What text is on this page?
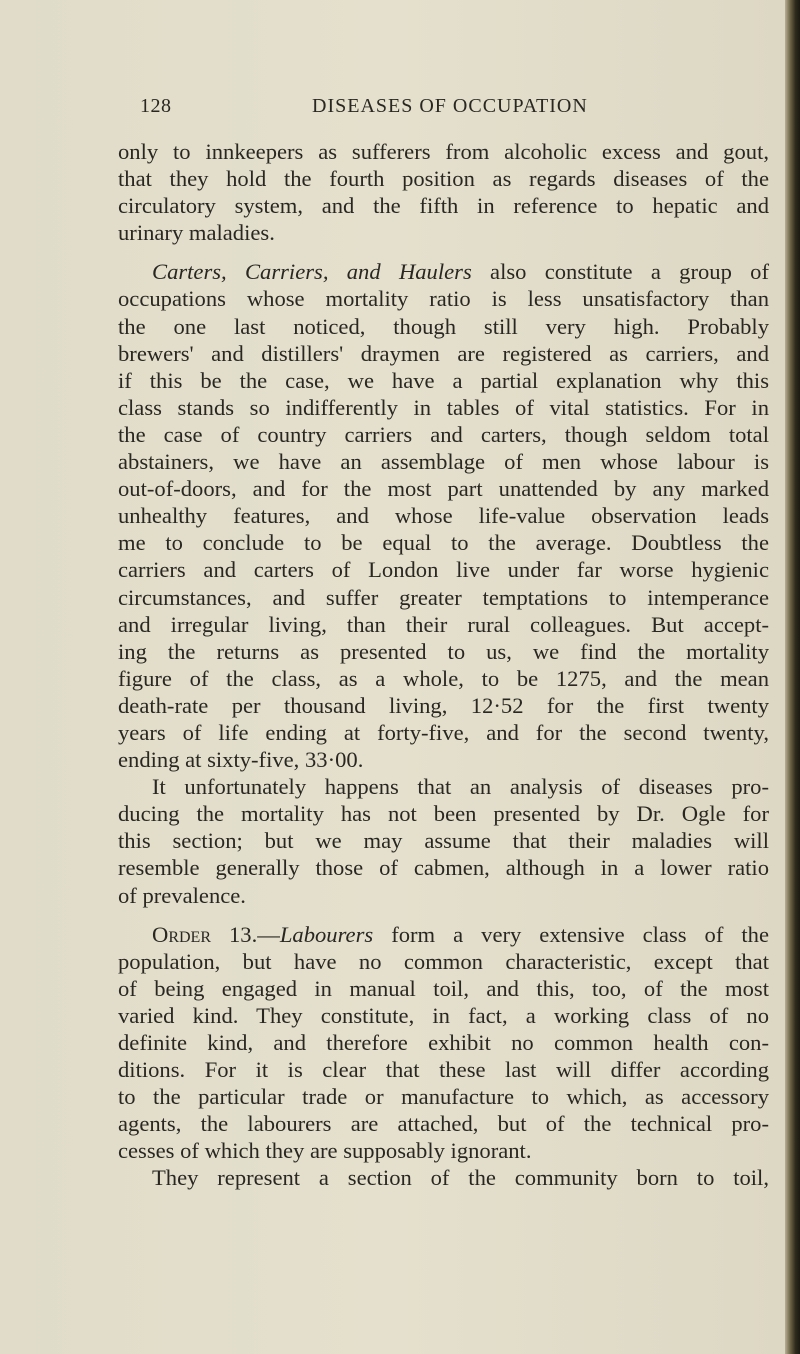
128	DISEASES OF OCCUPATION
only to innkeepers as sufferers from alcoholic excess and gout,
that they hold the fourth position as regards diseases of the
circulatory system, and the fifth in reference to hepatic and
urinary maladies.
Carters, Carriers, and Haulers also constitute a group of
occupations whose mortality ratio is less unsatisfactory than
the one last noticed, though still very high. Probably
brewers' and distillers' draymen are registered as carriers, and
if this be the case, we have a partial explanation why this
class stands so indifferently in tables of vital statistics. For in
the case of country carriers and carters, though seldom total
abstainers, we have an assemblage of men whose labour is
out-of-doors, and for the most part unattended by any marked
unhealthy features, and whose life-value observation leads
me to conclude to be equal to the average. Doubtless the
carriers and carters of London live under far worse hygienic
circumstances, and suffer greater temptations to intemperance
and irregular living, than their rural colleagues. But accept-
ing the returns as presented to us, we find the mortality
figure of the class, as a whole, to be 1275, and the mean
death-rate per thousand living, 12·52 for the first twenty
years of life ending at forty-five, and for the second twenty,
ending at sixty-five, 33·00.
It unfortunately happens that an analysis of diseases pro-
ducing the mortality has not been presented by Dr. Ogle for
this section; but we may assume that their maladies will
resemble generally those of cabmen, although in a lower ratio
of prevalence.
Order 13.—Labourers form a very extensive class of the
population, but have no common characteristic, except that
of being engaged in manual toil, and this, too, of the most
varied kind. They constitute, in fact, a working class of no
definite kind, and therefore exhibit no common health con-
ditions. For it is clear that these last will differ according
to the particular trade or manufacture to which, as accessory
agents, the labourers are attached, but of the technical pro-
cesses of which they are supposably ignorant.
They represent a section of the community born to toil,
